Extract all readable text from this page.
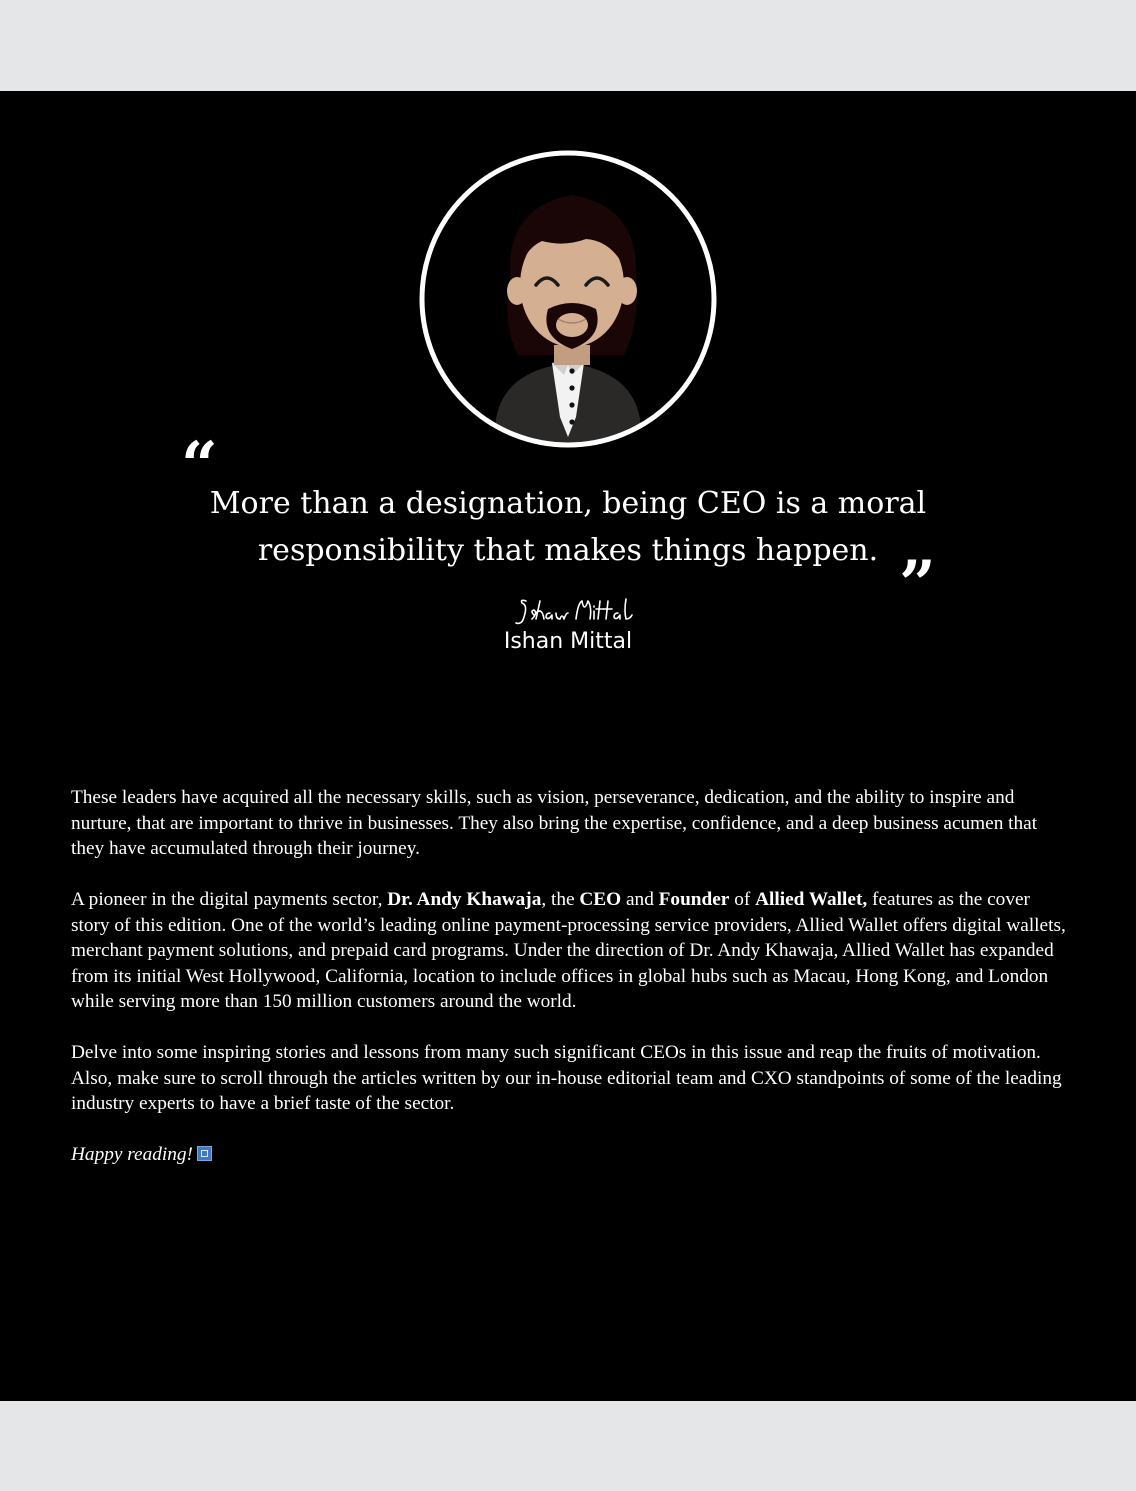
“

More than a designation, being CEO is a moral responsibility that makes things happen. ”
Ishan Mittal

These leaders have acquired all the necessary skills, such as vision, perseverance, dedication, and the ability to inspire and nurture, that are important to thrive in businesses. They also bring the expertise, confidence, and a deep business acumen that they have accumulated through their journey.

A pioneer in the digital payments sector, Dr. Andy Khawaja, the CEO and Founder of Allied Wallet, features as the cover story of this edition. One of the world’s leading online payment-processing service providers, Allied Wallet offers digital wallets, merchant payment solutions, and prepaid card programs. Under the direction of Dr. Andy Khawaja, Allied Wallet has expanded from its initial West Hollywood, California, location to include offices in global hubs such as Macau, Hong Kong, and London while serving more than 150 million customers around the world.

Delve into some inspiring stories and lessons from many such significant CEOs in this issue and reap the fruits of motivation. Also, make sure to scroll through the articles written by our in-house editorial team and CXO standpoints of some of the leading industry experts to have a brief taste of the sector.

Happy reading!
